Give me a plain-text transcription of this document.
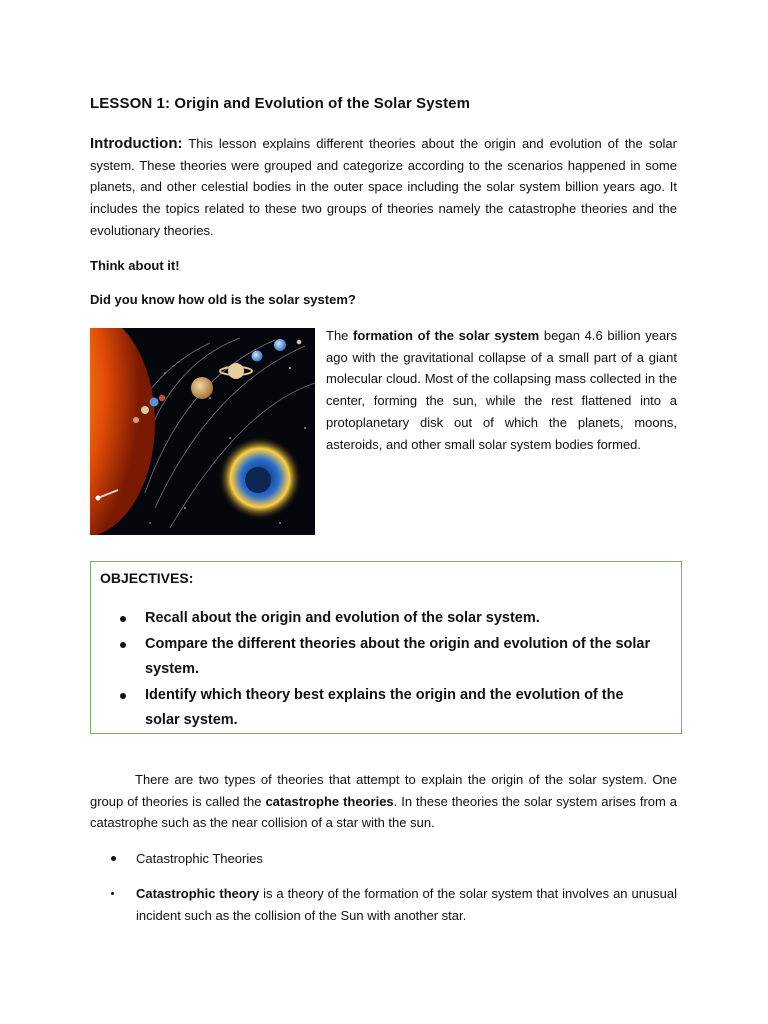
LESSON 1: Origin and Evolution of the Solar System
Introduction: This lesson explains different theories about the origin and evolution of the solar system. These theories were grouped and categorize according to the scenarios happened in some planets, and other celestial bodies in the outer space including the solar system billion years ago. It includes the topics related to these two groups of theories namely the catastrophe theories and the evolutionary theories.
Think about it!
Did you know how old is the solar system?
The formation of the solar system began 4.6 billion years ago with the gravitational collapse of a small part of a giant molecular cloud. Most of the collapsing mass collected in the center, forming the sun, while the rest flattened into a protoplanetary disk out of which the planets, moons, asteroids, and other small solar system bodies formed.
OBJECTIVES:
Recall about the origin and evolution of the solar system.
Compare the different theories about the origin and evolution of the solar system.
Identify which theory best explains the origin and the evolution of the solar system.
There are two types of theories that attempt to explain the origin of the solar system. One group of theories is called the catastrophe theories. In these theories the solar system arises from a catastrophe such as the near collision of a star with the sun.
Catastrophic Theories
Catastrophic theory is a theory of the formation of the solar system that involves an unusual incident such as the collision of the Sun with another star.
